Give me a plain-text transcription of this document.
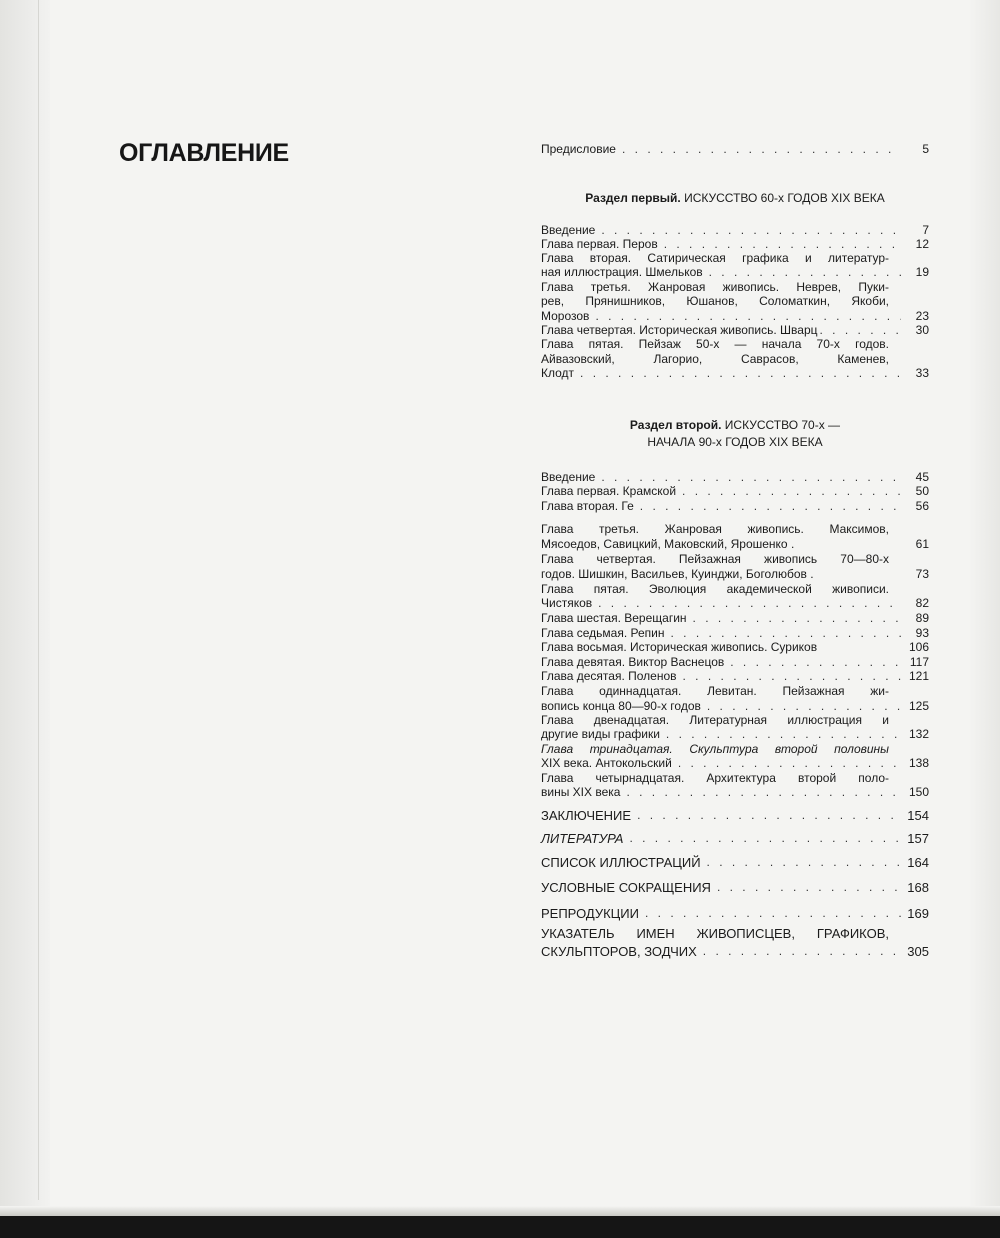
ОГЛАВЛЕНИЕ	Предисловие . . .	5
Раздел первый. ИСКУССТВО 60-х ГОДОВ XIX ВЕКА
Введение . . .	7
Глава первая. Перов . . .	12
Глава вторая. Сатирическая графика и литератур-
ная иллюстрация. Шмельков . . .	19
Глава третья. Жанровая живопись. Неврев, Пуки-
рев, Прянишников, Юшанов, Соломаткин, Якоби,
Морозов . . .	23
Глава четвертая. Историческая живопись. Шварц . . .	30
Глава пятая. Пейзаж 50-х — начала 70-х годов.
Айвазовский, Лагорио, Саврасов, Каменев,
Клодт . . .	33
Раздел второй. ИСКУССТВО 70-х —
НАЧАЛА 90-х ГОДОВ XIX ВЕКА
Введение . . .	45
Глава первая. Крамской . . .	50
Глава вторая. Ге . . .	56
Глава третья. Жанровая живопись. Максимов,
Мясоедов, Савицкий, Маковский, Ярошенко .	61
Глава четвертая. Пейзажная живопись 70—80-х
годов. Шишкин, Васильев, Куинджи, Боголюбов .	73
Глава пятая. Эволюция академической живописи.
Чистяков . . .	82
Глава шестая. Верещагин . . .	89
Глава седьмая. Репин . . .	93
Глава восьмая. Историческая живопись. Суриков	106
Глава девятая. Виктор Васнецов . . .	117
Глава десятая. Поленов . . .	121
Глава одиннадцатая. Левитан. Пейзажная жи-
вопись конца 80—90-х годов . . .	125
Глава двенадцатая. Литературная иллюстрация и
другие виды графики . . .	132
Глава тринадцатая. Скульптура второй половины
XIX века. Антокольский . . .	138
Глава четырнадцатая. Архитектура второй поло-
вины XIX века . . .	150
ЗАКЛЮЧЕНИЕ . . .	154
ЛИТЕРАТУРА . . .	157
СПИСОК ИЛЛЮСТРАЦИЙ . . .	164
УСЛОВНЫЕ СОКРАЩЕНИЯ . . .	168
РЕПРОДУКЦИИ . . .	169
УКАЗАТЕЛЬ ИМЕН ЖИВОПИСЦЕВ, ГРАФИКОВ,
СКУЛЬПТОРОВ, ЗОДЧИХ . . .	305
